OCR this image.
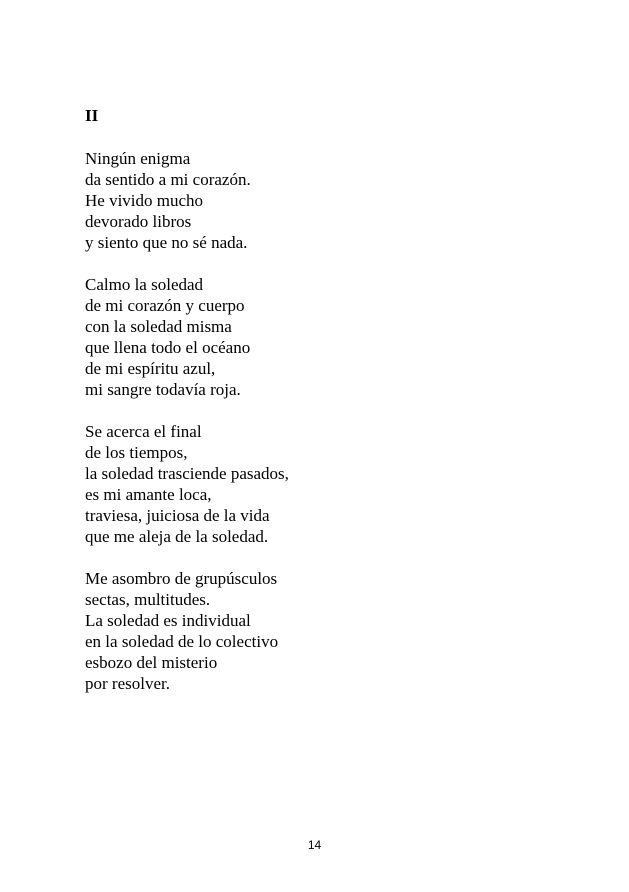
II
Ningún enigma
da sentido a mi corazón.
He vivido mucho
devorado libros
y siento que no sé nada.
Calmo la soledad
de mi corazón y cuerpo
con la soledad misma
que llena todo el océano
de mi espíritu azul,
mi sangre todavía roja.
Se acerca el final
de los tiempos,
la soledad trasciende pasados,
es mi amante loca,
traviesa, juiciosa de la vida
que me aleja de la soledad.
Me asombro de grupúsculos
sectas, multitudes.
La soledad es individual
en la soledad de lo colectivo
esbozo del misterio
por resolver.
14
